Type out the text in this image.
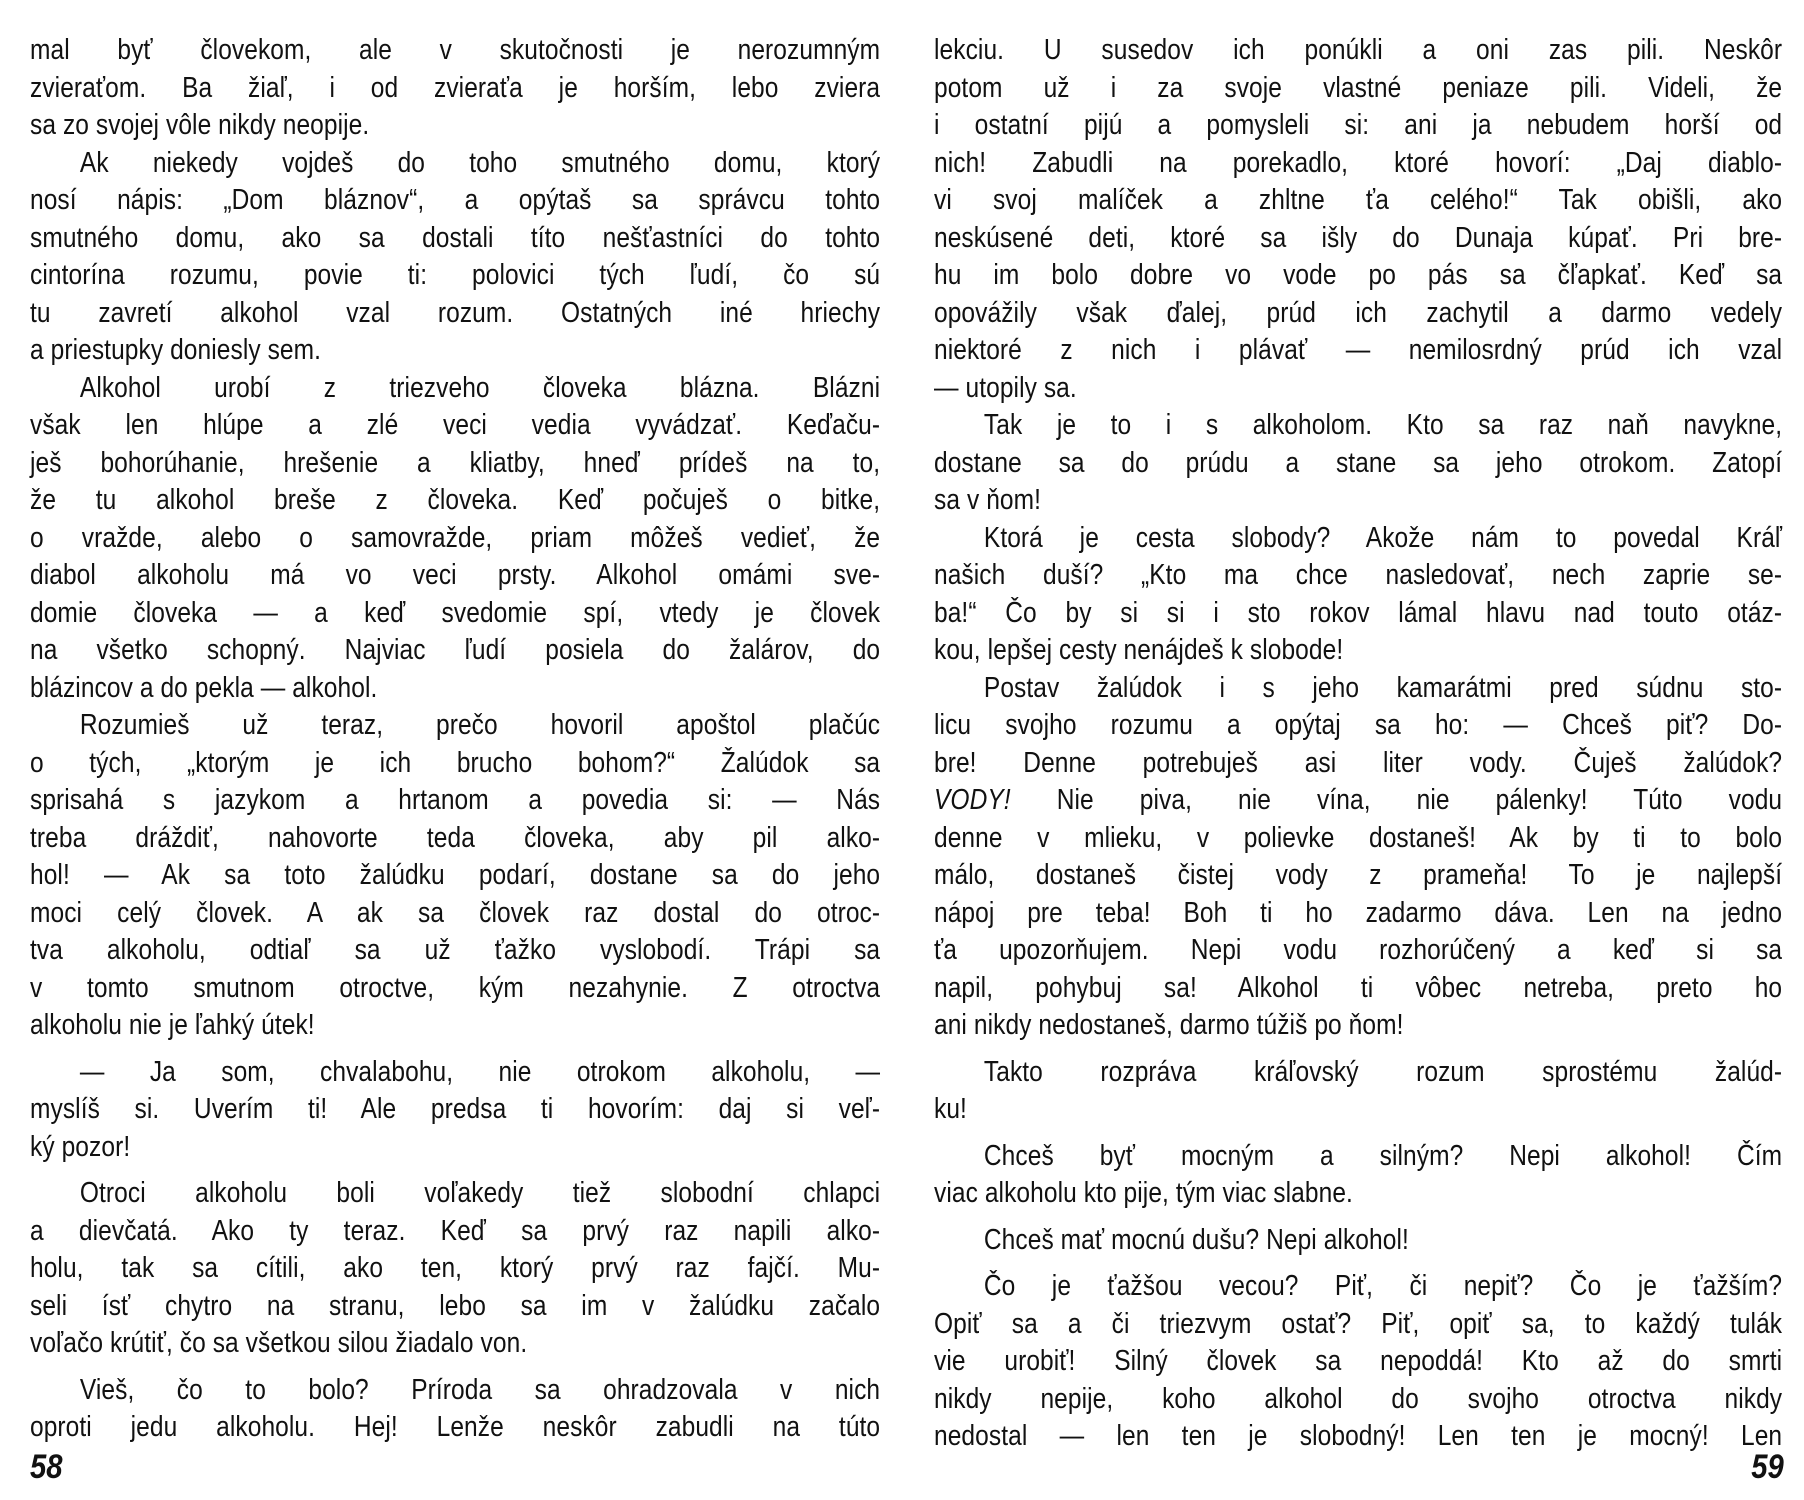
mal byť človekom, ale v skutočnosti je nerozumným
zvieraťom. Ba žiaľ, i od zvieraťa je horším, lebo zviera
sa zo svojej vôle nikdy neopije.
Ak niekedy vojdeš do toho smutného domu, ktorý
nosí nápis: „Dom bláznov“, a opýtaš sa správcu tohto
smutného domu, ako sa dostali títo nešťastníci do tohto
cintorína rozumu, povie ti: polovici tých ľudí, čo sú
tu zavretí alkohol vzal rozum. Ostatných iné hriechy
a priestupky doniesly sem.
Alkohol urobí z triezveho človeka blázna. Blázni
však len hlúpe a zlé veci vedia vyvádzať. Keďaču-
ješ bohorúhanie, hrešenie a kliatby, hneď prídeš na to,
že tu alkohol breše z človeka. Keď počuješ o bitke,
o vražde, alebo o samovražde, priam môžeš vedieť, že
diabol alkoholu má vo veci prsty. Alkohol omámi sve-
domie človeka — a keď svedomie spí, vtedy je človek
na všetko schopný. Najviac ľudí posiela do žalárov, do
blázincov a do pekla — alkohol.
Rozumieš už teraz, prečo hovoril apoštol plačúc
o tých, „ktorým je ich brucho bohom?“ Žalúdok sa
sprisahá s jazykom a hrtanom a povedia si: — Nás
treba dráždiť, nahovorte teda človeka, aby pil alko-
hol! — Ak sa toto žalúdku podarí, dostane sa do jeho
moci celý človek. A ak sa človek raz dostal do otroc-
tva alkoholu, odtiaľ sa už ťažko vyslobodí. Trápi sa
v tomto smutnom otroctve, kým nezahynie. Z otroctva
alkoholu nie je ľahký útek!
— Ja som, chvalabohu, nie otrokom alkoholu, —
myslíš si. Uverím ti! Ale predsa ti hovorím: daj si veľ-
ký pozor!
Otroci alkoholu boli voľakedy tiež slobodní chlapci
a dievčatá. Ako ty teraz. Keď sa prvý raz napili alko-
holu, tak sa cítili, ako ten, ktorý prvý raz fajčí. Mu-
seli ísť chytro na stranu, lebo sa im v žalúdku začalo
voľačo krútiť, čo sa všetkou silou žiadalo von.
Vieš, čo to bolo? Príroda sa ohradzovala v nich
oproti jedu alkoholu. Hej! Lenže neskôr zabudli na túto
58
lekciu. U susedov ich ponúkli a oni zas pili. Neskôr
potom už i za svoje vlastné peniaze pili. Videli, že
i ostatní pijú a pomysleli si: ani ja nebudem horší od
nich! Zabudli na porekadlo, ktoré hovorí: „Daj diablo-
vi svoj malíček a zhltne ťa celého!“ Tak obišli, ako
neskúsené deti, ktoré sa išly do Dunaja kúpať. Pri bre-
hu im bolo dobre vo vode po pás sa čľapkať. Keď sa
opovážily však ďalej, prúd ich zachytil a darmo vedely
niektoré z nich i plávať — nemilosrdný prúd ich vzal
— utopily sa.
Tak je to i s alkoholom. Kto sa raz naň navykne,
dostane sa do prúdu a stane sa jeho otrokom. Zatopí
sa v ňom!
Ktorá je cesta slobody? Akože nám to povedal Kráľ
našich duší? „Kto ma chce nasledovať, nech zaprie se-
ba!“ Čo by si si i sto rokov lámal hlavu nad touto otáz-
kou, lepšej cesty nenájdeš k slobode!
Postav žalúdok i s jeho kamarátmi pred súdnu sto-
licu svojho rozumu a opýtaj sa ho: — Chceš piť? Do-
bre! Denne potrebuješ asi liter vody. Čuješ žalúdok?
VODY! Nie piva, nie vína, nie pálenky! Túto vodu
denne v mlieku, v polievke dostaneš! Ak by ti to bolo
málo, dostaneš čistej vody z prameňa! To je najlepší
nápoj pre teba! Boh ti ho zadarmo dáva. Len na jedno
ťa upozorňujem. Nepi vodu rozhorúčený a keď si sa
napil, pohybuj sa! Alkohol ti vôbec netreba, preto ho
ani nikdy nedostaneš, darmo túžiš po ňom!
Takto rozpráva kráľovský rozum sprostému žalúd-
ku!
Chceš byť mocným a silným? Nepi alkohol! Čím
viac alkoholu kto pije, tým viac slabne.
Chceš mať mocnú dušu? Nepi alkohol!
Čo je ťažšou vecou? Piť, či nepiť? Čo je ťažším?
Opiť sa a či triezvym ostať? Piť, opiť sa, to každý tulák
vie urobiť! Silný človek sa nepoddá! Kto až do smrti
nikdy nepije, koho alkohol do svojho otroctva nikdy
nedostal — len ten je slobodný! Len ten je mocný! Len
59
